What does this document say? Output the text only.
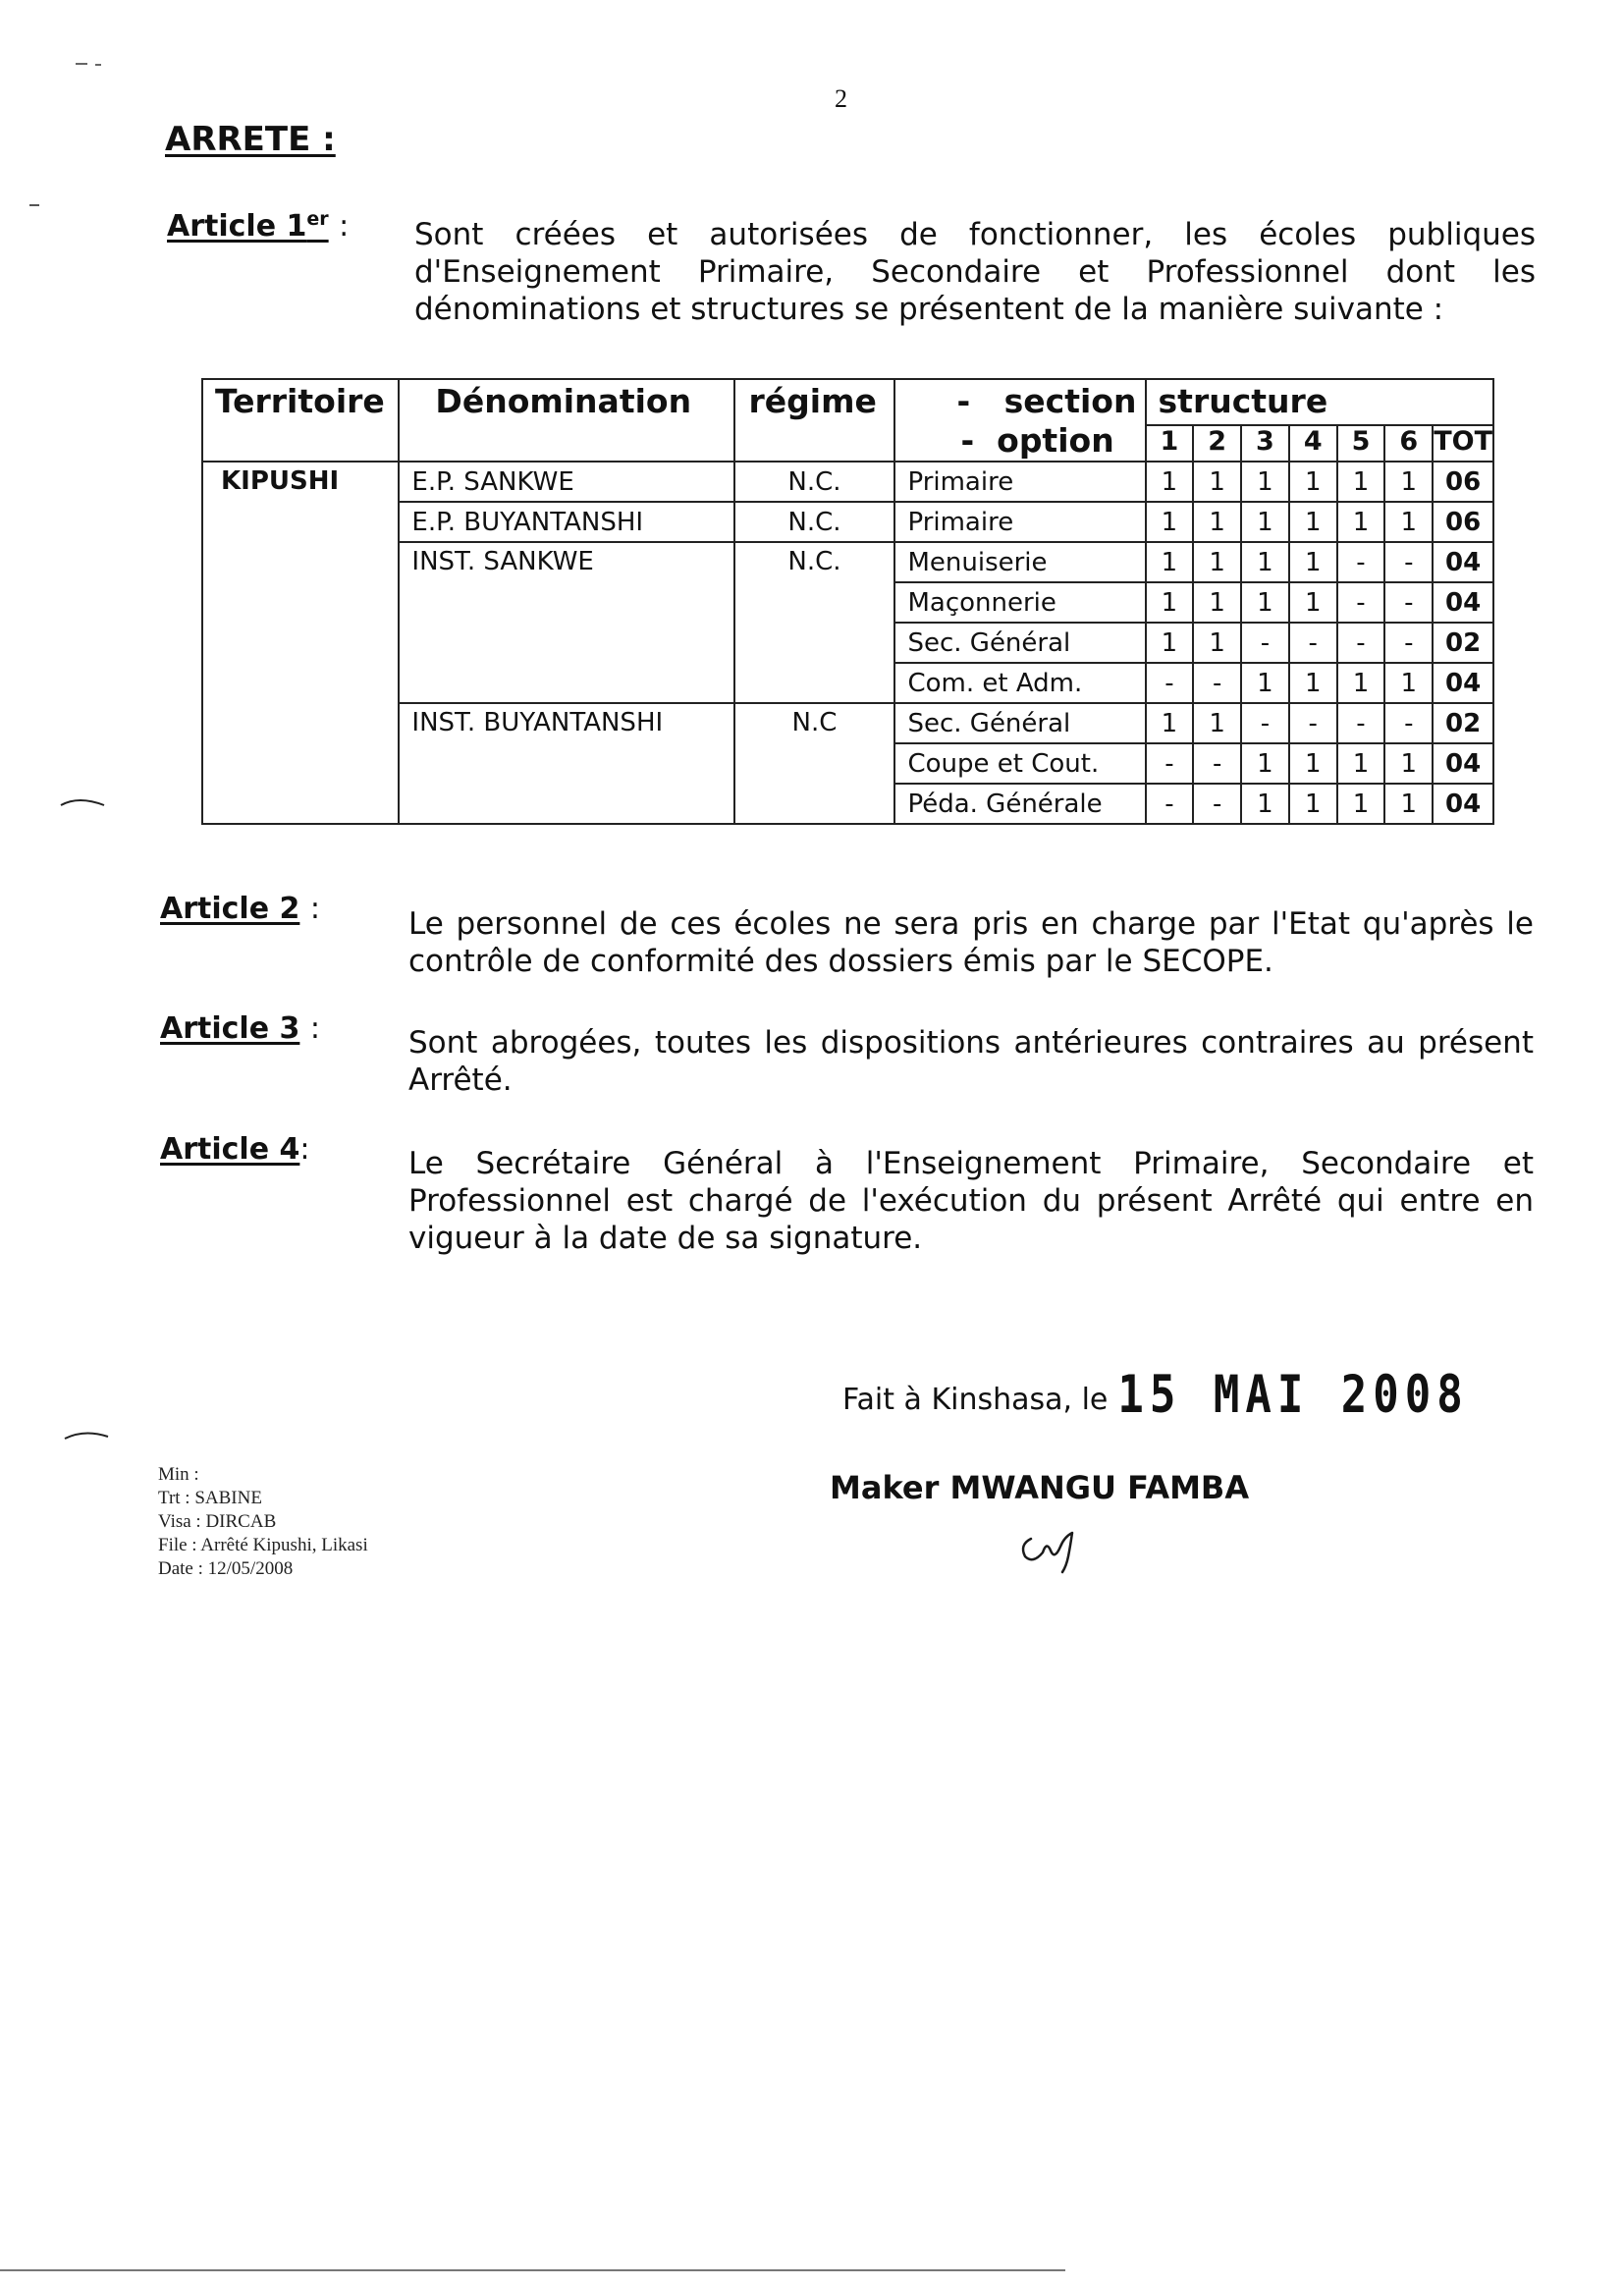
2
ARRETE :
Article 1er : Sont créées et autorisées de fonctionner, les écoles publiques
d'Enseignement Primaire, Secondaire et Professionnel dont les
dénominations et structures se présentent de la manière suivante :
Territoire	Dénomination	régime	-   section
-  option	structure						
				1	2	3	4	5	6	TOT
KIPUSHI	E.P. SANKWE	N.C.	Primaire	1	1	1	1	1	1	06
	E.P. BUYANTANSHI	N.C.	Primaire	1	1	1	1	1	1	06
	INST. SANKWE	N.C.	Menuiserie	1	1	1	1	-	-	04
			Maçonnerie	1	1	1	1	-	-	04
			Sec. Général	1	1	-	-	-	-	02
			Com. et Adm.	-	-	1	1	1	1	04
	INST. BUYANTANSHI	N.C	Sec. Général	1	1	-	-	-	-	02
			Coupe et Cout.	-	-	1	1	1	1	04
			Péda. Générale	-	-	1	1	1	1	04
Article 2 :	Le personnel de ces écoles ne sera pris en charge par l'Etat qu'après le
contrôle de conformité des dossiers émis par le SECOPE.
Article 3 :	Sont abrogées, toutes les dispositions antérieures contraires au présent
Arrêté.
Article 4:	Le Secrétaire Général à l'Enseignement Primaire, Secondaire et
Professionnel est chargé de l'exécution du présent Arrêté qui entre en
vigueur à la date de sa signature.
Fait à Kinshasa, le 15 MAI 2008
Maker MWANGU FAMBA
Min :
Trt : SABINE
Visa : DIRCAB
File : Arrêté Kipushi, Likasi
Date : 12/05/2008
